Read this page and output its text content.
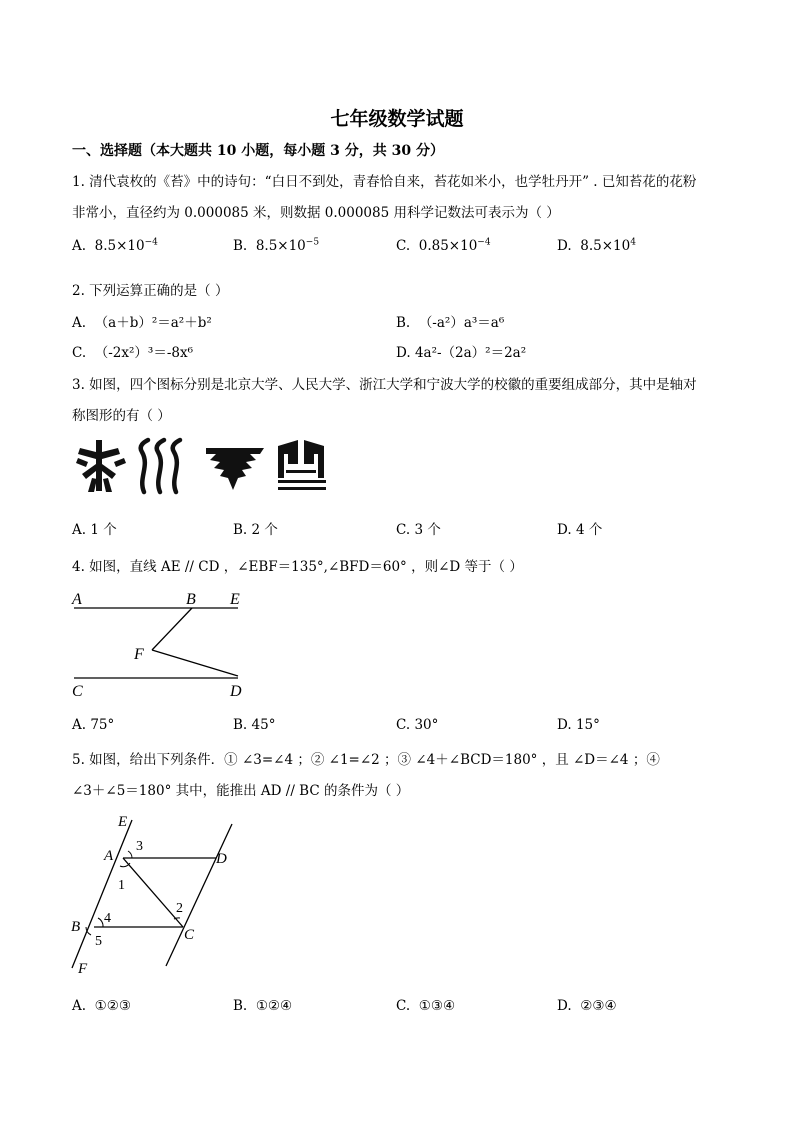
七年级数学试题
一、选择题（本大题共 10 小题，每小题 3 分，共 30 分）
1. 清代袁枚的《苔》中的诗句：“白日不到处，青春恰自来，苔花如米小，也学牡丹开” . 已知苔花的花粉
非常小，直径约为 0.000085 米，则数据 0.000085 用科学记数法可表示为（ ）
A. $8.5\times 10^{-4}$	B. $8.5\times 10^{-5}$	C. $0.85\times 10^{-4}$	D. $8.5\times 10^4$
2. 下列运算正确的是（ ）
A. （a＋b）²＝a²＋b²	B. （-a²）a³＝a⁶
C. （-2x²）³＝-8x⁶	D. 4a²-（2a）²＝2a²
3. 如图，四个图标分别是北京大学、人民大学、浙江大学和宁波大学的校徽的重要组成部分，其中是轴对
称图形的有（ ）
A. 1 个	B. 2 个	C. 3 个	D. 4 个
4. 如图，直线 AE // CD ，∠EBF＝135°,∠BFD＝60° ，则∠D 等于（ ）
A	B E
F
C	D
A. 75°	B. 45°	C. 30°	D. 15°
5. 如图，给出下列条件．① ∠3=∠4 ；② ∠1=∠2 ；③ ∠4＋∠BCD＝180° ，且 ∠D＝∠4 ；④
∠3＋∠5＝180° 其中，能推出 AD // BC 的条件为（ ）
E
A	D
B	C
F
3
1
2
4
5
A. ①②③	B. ①②④	C. ①③④	D. ②③④
